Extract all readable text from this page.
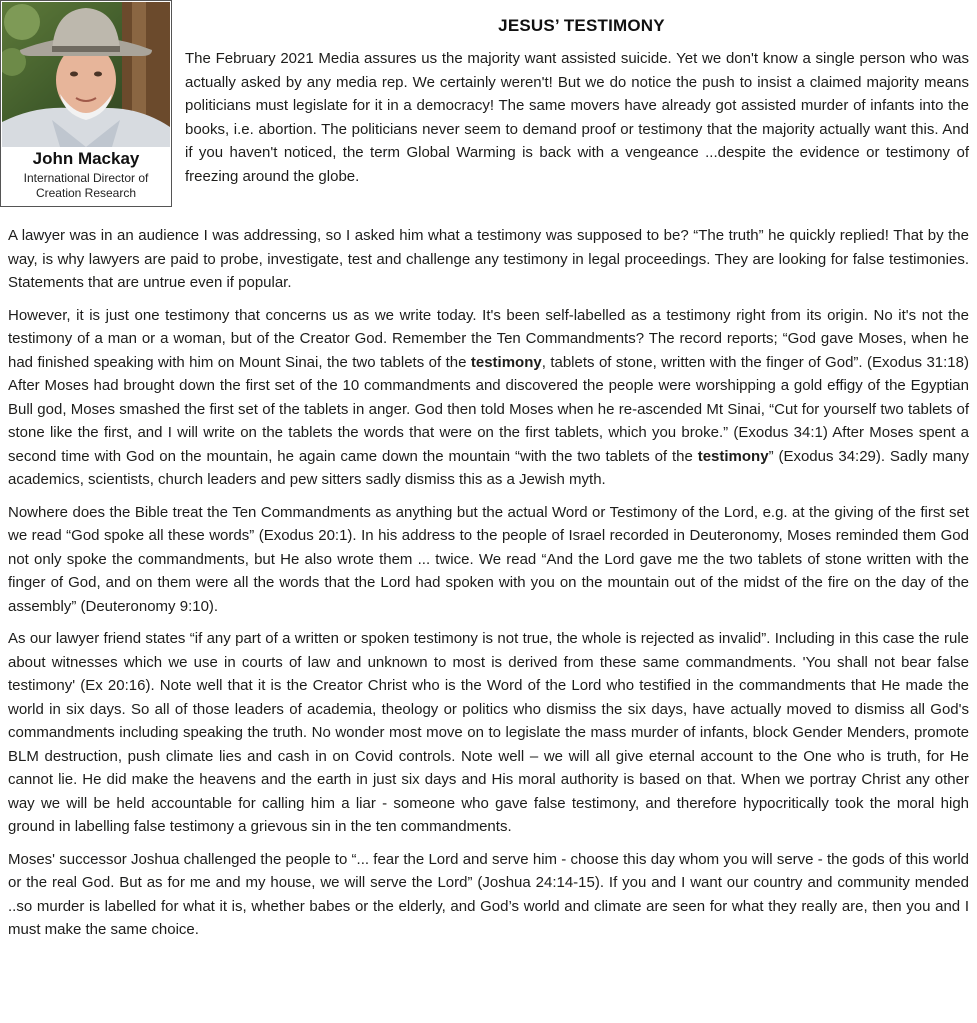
John Mackay
International Director of
Creation Research
JESUS’ TESTIMONY

The February 2021 Media assures us the majority want assisted suicide. Yet we don't know a single person who was actually asked by any media rep. We certainly weren't! But we do notice the push to insist a claimed majority means politicians must legislate for it in a democracy! The same movers have already got assisted murder of infants into the books, i.e. abortion. The politicians never seem to demand proof or testimony that the majority actually want this. And if you haven't noticed, the term Global Warming is back with a vengeance ...despite the evidence or testimony of freezing around the globe.

A lawyer was in an audience I was addressing, so I asked him what a testimony was supposed to be? “The truth” he quickly replied! That by the way, is why lawyers are paid to probe, investigate, test and challenge any testimony in legal proceedings. They are looking for false testimonies. Statements that are untrue even if popular.

However, it is just one testimony that concerns us as we write today. It's been self-labelled as a testimony right from its origin. No it's not the testimony of a man or a woman, but of the Creator God. Remember the Ten Commandments? The record reports; “God gave Moses, when he had finished speaking with him on Mount Sinai, the two tablets of the testimony, tablets of stone, written with the finger of God”. (Exodus 31:18) After Moses had brought down the first set of the 10 commandments and discovered the people were worshipping a gold effigy of the Egyptian Bull god, Moses smashed the first set of the tablets in anger. God then told Moses when he re-ascended Mt Sinai, “Cut for yourself two tablets of stone like the first, and I will write on the tablets the words that were on the first tablets, which you broke.” (Exodus 34:1) After Moses spent a second time with God on the mountain, he again came down the mountain “with the two tablets of the testimony” (Exodus 34:29). Sadly many academics, scientists, church leaders and pew sitters sadly dismiss this as a Jewish myth.

Nowhere does the Bible treat the Ten Commandments as anything but the actual Word or Testimony of the Lord, e.g. at the giving of the first set we read “God spoke all these words” (Exodus 20:1). In his address to the people of Israel recorded in Deuteronomy, Moses reminded them God not only spoke the commandments, but He also wrote them ... twice. We read “And the Lord gave me the two tablets of stone written with the finger of God, and on them were all the words that the Lord had spoken with you on the mountain out of the midst of the fire on the day of the assembly” (Deuteronomy 9:10).

As our lawyer friend states “if any part of a written or spoken testimony is not true, the whole is rejected as invalid”. Including in this case the rule about witnesses which we use in courts of law and unknown to most is derived from these same commandments. 'You shall not bear false testimony' (Ex 20:16). Note well that it is the Creator Christ who is the Word of the Lord who testified in the commandments that He made the world in six days. So all of those leaders of academia, theology or politics who dismiss the six days, have actually moved to dismiss all God's commandments including speaking the truth. No wonder most move on to legislate the mass murder of infants, block Gender Menders, promote BLM destruction, push climate lies and cash in on Covid controls. Note well – we will all give eternal account to the One who is truth, for He cannot lie. He did make the heavens and the earth in just six days and His moral authority is based on that. When we portray Christ any other way we will be held accountable for calling him a liar - someone who gave false testimony, and therefore hypocritically took the moral high ground in labelling false testimony a grievous sin in the ten commandments.

Moses' successor Joshua challenged the people to “... fear the Lord and serve him - choose this day whom you will serve - the gods of this world or the real God. But as for me and my house, we will serve the Lord” (Joshua 24:14-15). If you and I want our country and community mended ..so murder is labelled for what it is, whether babes or the elderly, and God’s world and climate are seen for what they really are, then you and I must make the same choice.
